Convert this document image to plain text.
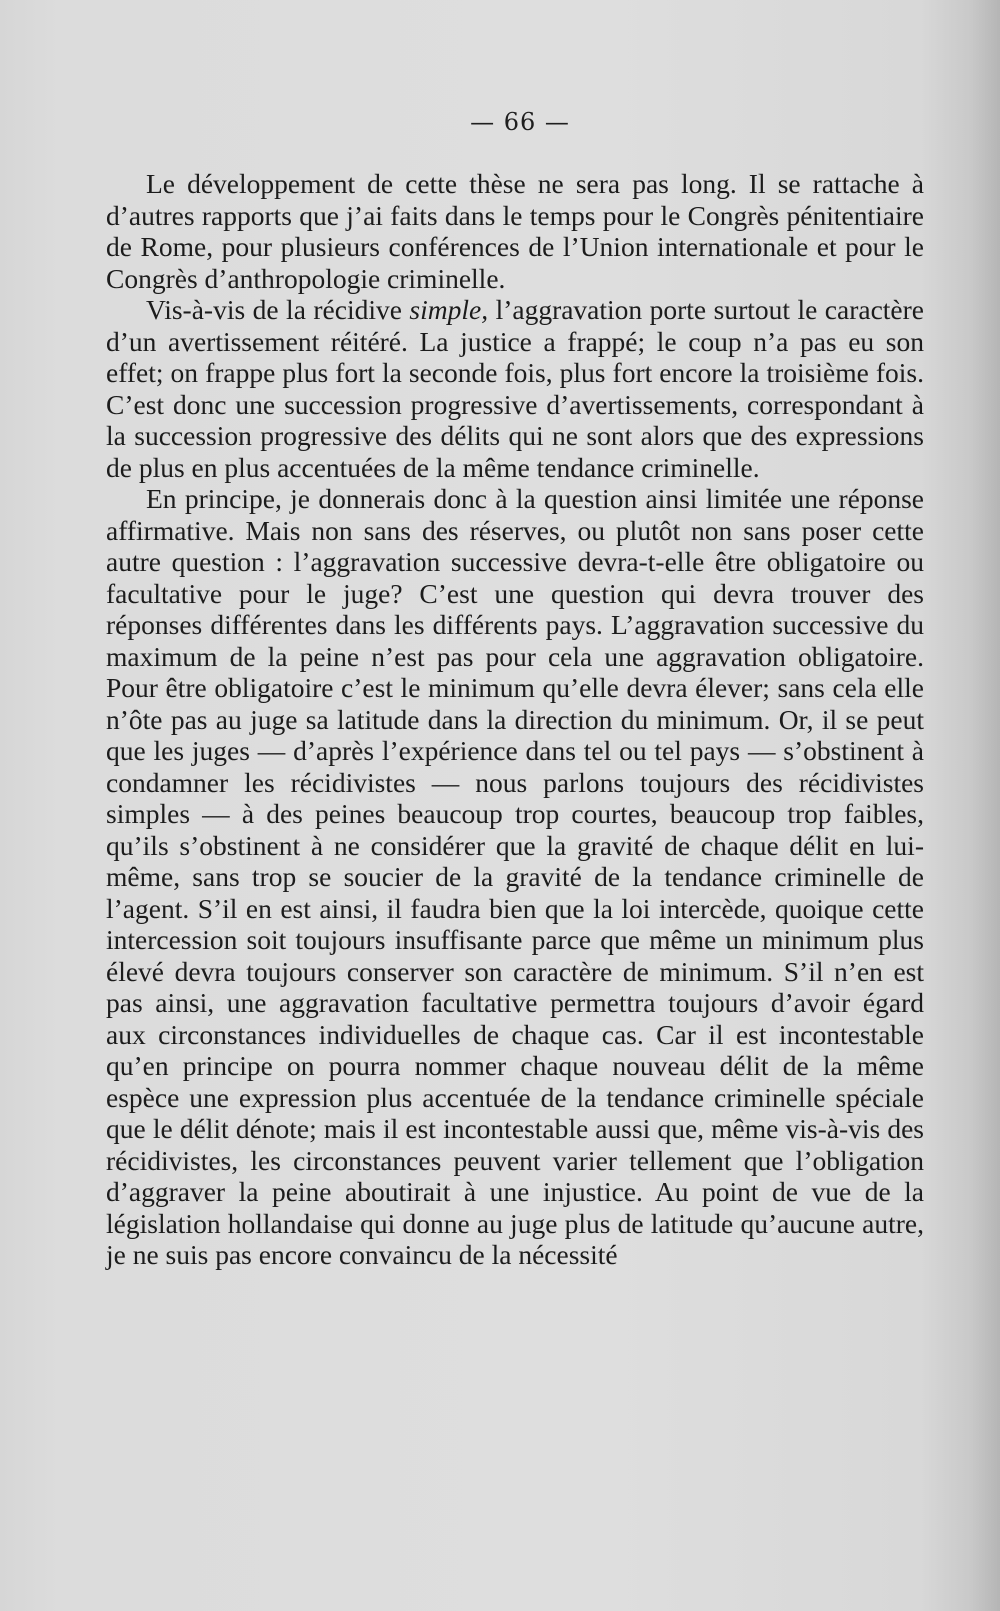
— 66 —

Le développement de cette thèse ne sera pas long. Il se rattache à d’autres rapports que j’ai faits dans le temps pour le Congrès pénitentiaire de Rome, pour plusieurs conférences de l’Union internationale et pour le Congrès d’anthropologie criminelle.

Vis-à-vis de la récidive simple, l’aggravation porte surtout le caractère d’un avertissement réitéré. La justice a frappé; le coup n’a pas eu son effet; on frappe plus fort la seconde fois, plus fort encore la troisième fois. C’est donc une succession progressive d’avertissements, correspondant à la succession progressive des délits qui ne sont alors que des expressions de plus en plus accentuées de la même tendance criminelle.

En principe, je donnerais donc à la question ainsi limitée une réponse affirmative. Mais non sans des réserves, ou plutôt non sans poser cette autre question : l’aggravation successive devra-t-elle être obligatoire ou facultative pour le juge? C’est une question qui devra trouver des réponses différentes dans les différents pays. L’aggravation successive du maximum de la peine n’est pas pour cela une aggravation obligatoire. Pour être obligatoire c’est le minimum qu’elle devra élever; sans cela elle n’ôte pas au juge sa latitude dans la direction du minimum. Or, il se peut que les juges — d’après l’expérience dans tel ou tel pays — s’obstinent à condamner les récidivistes — nous parlons toujours des récidivistes simples — à des peines beaucoup trop courtes, beaucoup trop faibles, qu’ils s’obstinent à ne considérer que la gravité de chaque délit en luimême, sans trop se soucier de la gravité de la tendance criminelle de l’agent. S’il en est ainsi, il faudra bien que la loi intercède, quoique cette intercession soit toujours insuffisante parce que même un minimum plus élevé devra toujours conserver son caractère de minimum. S’il n’en est pas ainsi, une aggravation facultative permettra toujours d’avoir égard aux circonstances individuelles de chaque cas. Car il est incontestable qu’en principe on pourra nommer chaque nouveau délit de la même espèce une expression plus accentuée de la tendance criminelle spéciale que le délit dénote; mais il est incontestable aussi que, même vis-à-vis des récidivistes, les circonstances peuvent varier tellement que l’obligation d’aggraver la peine aboutirait à une injustice. Au point de vue de la législation hollandaise qui donne au juge plus de latitude qu’aucune autre, je ne suis pas encore convaincu de la nécessité
